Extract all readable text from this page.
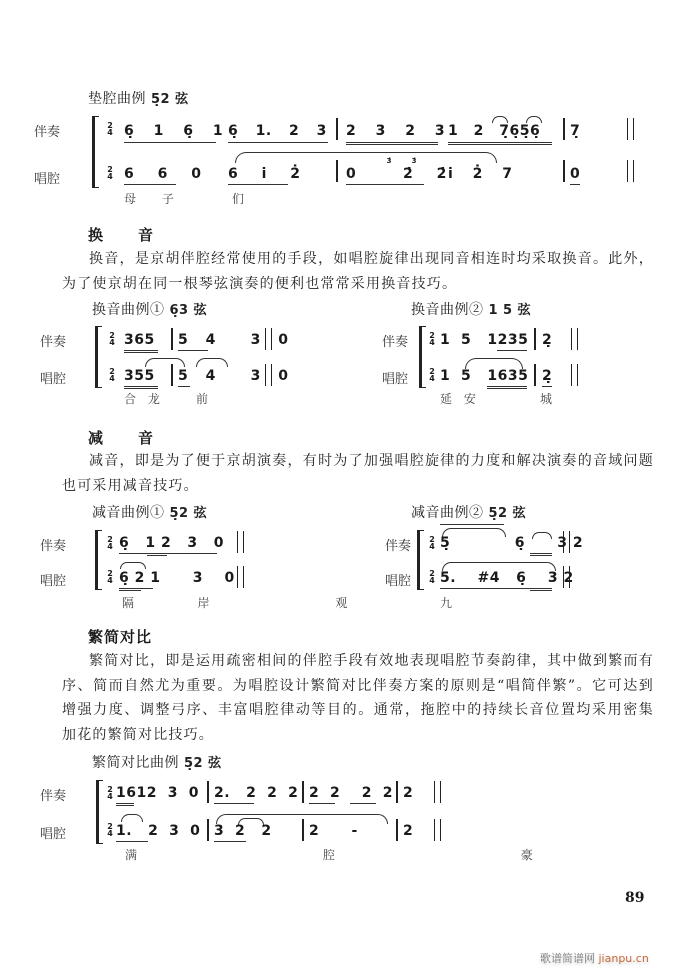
垫腔曲例 5̣2 弦
伴奏
唱腔
2
4
2
4
6̣ 1 6̣ 1 6̣ 1. 2 3 2 3 2 3 1 2 7̣6̣5̣6̣ 7̣
6 6 0 6 i̇ 2̇	0  2̇ 2̇ i̇ 2̇ 7	0
3̇	3̇
母 子	们
换　音
换音，是京胡伴腔经常使用的手段，如唱腔旋律出现同音相连时均采取换音。此外，为了使京胡在同一根琴弦演奏的便利也常常采用换音技巧。
换音曲例① 6̣3 弦
伴奏
唱腔
2
4
2
4
365 5 4  3 0
355 5 4  3 0
合 龙	前
换音曲例② 1 5 弦
伴奏
唱腔
2
4
2
4
1  5   1235 2̣
1  5   1635 2̣
延 安	城
减　音
减音，即是为了便于京胡演奏，有时为了加强唱腔旋律的力度和解决演奏的音域问题也可采用减音技巧。
减音曲例① 5̣2 弦
伴奏
唱腔
2
4
2
4
6̣   1 2   3   0
6̣ 2 1      3    0
隔   岸      观
减音曲例② 5̣2 弦
伴奏
唱腔
2
4
2
4
5̣            6̣      3 2
5.    #4   6̣    3 2
九
繁简对比
繁简对比，即是运用疏密相间的伴腔手段有效地表现唱腔节奏韵律，其中做到繁而有序、简而自然尤为重要。为唱腔设计繁简对比伴奏方案的原则是“唱简伴繁”。它可达到增强力度、调整弓序、丰富唱腔律动等目的。通常，拖腔中的持续长音位置均采用密集加花的繁简对比技巧。
繁简对比曲例 5̣2 弦
伴奏
唱腔
2
4
2
4
1612  3  0 2.   2  2  2 2  2    2  2 2
1.   2  3  0 3  2   2	2      -	2
满      腔      豪
89
歌谱简谱网 jianpu.cn
